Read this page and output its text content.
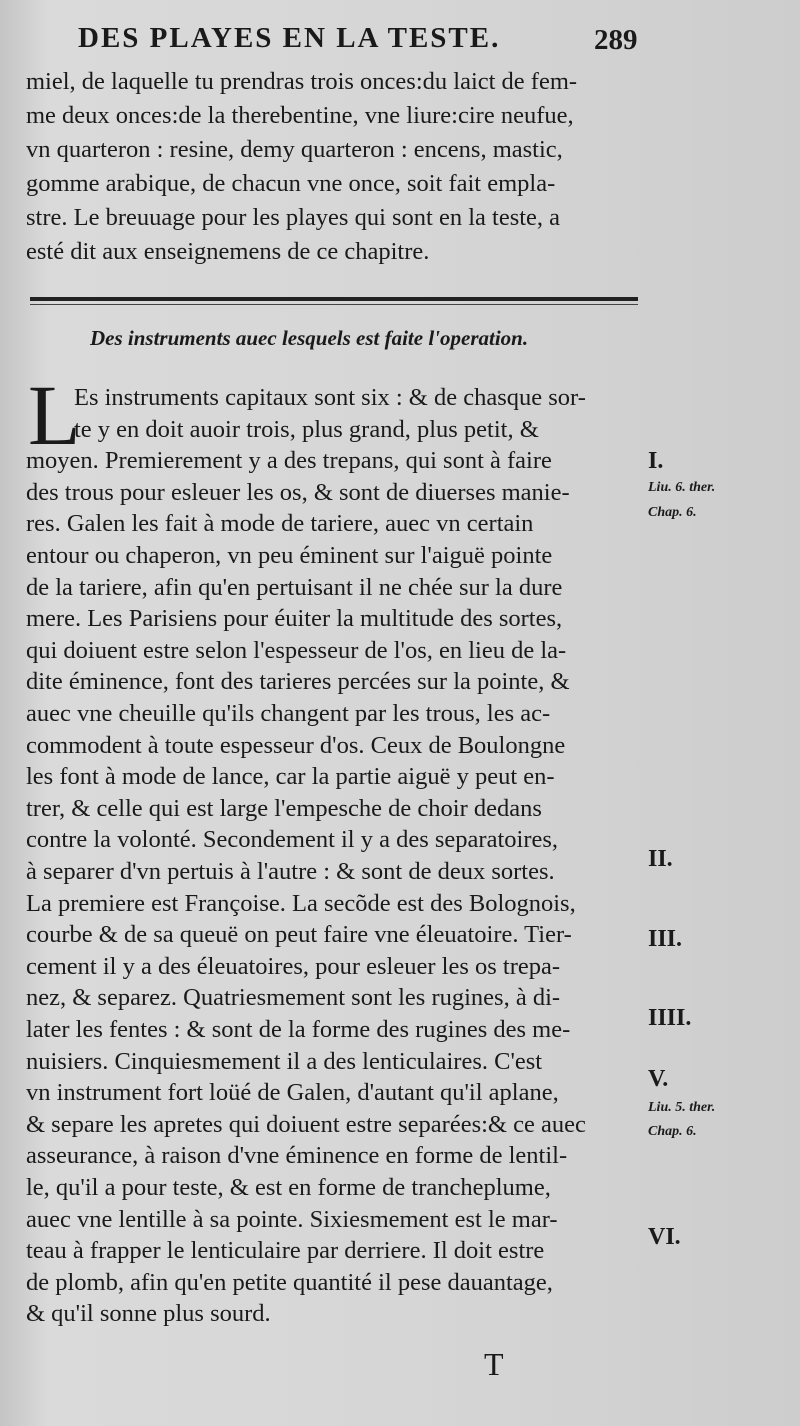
DES PLAYES EN LA TESTE.	289
miel, de laquelle tu prendras trois onces:du laict de fem-
me deux onces:de la therebentine, vne liure:cire neufue,
vn quarteron : resine, demy quarteron : encens, mastic,
gomme arabique, de chacun vne once, soit fait empla-
stre. Le breuuage pour les playes qui sont en la teste, a
esté dit aux enseignemens de ce chapitre.
Des instruments auec lesquels est faite l'operation.
L
Es instruments capitaux sont six : & de chasque sor-
te y en doit auoir trois, plus grand, plus petit, &
moyen. Premierement y a des trepans, qui sont à faire
des trous pour esleuer les os, & sont de diuerses manie-
res. Galen les fait à mode de tariere, auec vn certain
entour ou chaperon, vn peu éminent sur l'aiguë pointe
de la tariere, afin qu'en pertuisant il ne chée sur la dure
mere. Les Parisiens pour éuiter la multitude des sortes,
qui doiuent estre selon l'espesseur de l'os, en lieu de la-
dite éminence, font des tarieres percées sur la pointe, &
auec vne cheuille qu'ils changent par les trous, les ac-
commodent à toute espesseur d'os. Ceux de Boulongne
les font à mode de lance, car la partie aiguë y peut en-
trer, & celle qui est large l'empesche de choir dedans
contre la volonté. Secondement il y a des separatoires,
à separer d'vn pertuis à l'autre : & sont de deux sortes.
La premiere est Françoise. La secõde est des Bolognois,
courbe & de sa queuë on peut faire vne éleuatoire. Tier-
cement il y a des éleuatoires, pour esleuer les os trepa-
nez, & separez. Quatriesmement sont les rugines, à di-
later les fentes : & sont de la forme des rugines des me-
nuisiers. Cinquiesmement il a des lenticulaires. C'est
vn instrument fort loüé de Galen, d'autant qu'il aplane,
& separe les apretes qui doiuent estre separées:& ce auec
asseurance, à raison d'vne éminence en forme de lentil-
le, qu'il a pour teste, & est en forme de trancheplume,
auec vne lentille à sa pointe. Sixiesmement est le mar-
teau à frapper le lenticulaire par derriere. Il doit estre
de plomb, afin qu'en petite quantité il pese dauantage,
& qu'il sonne plus sourd.
I.
Liu. 6. ther.
Chap. 6.
II.
III.
IIII.
V.
Liu. 5. ther.
Chap. 6.
VI.
T
